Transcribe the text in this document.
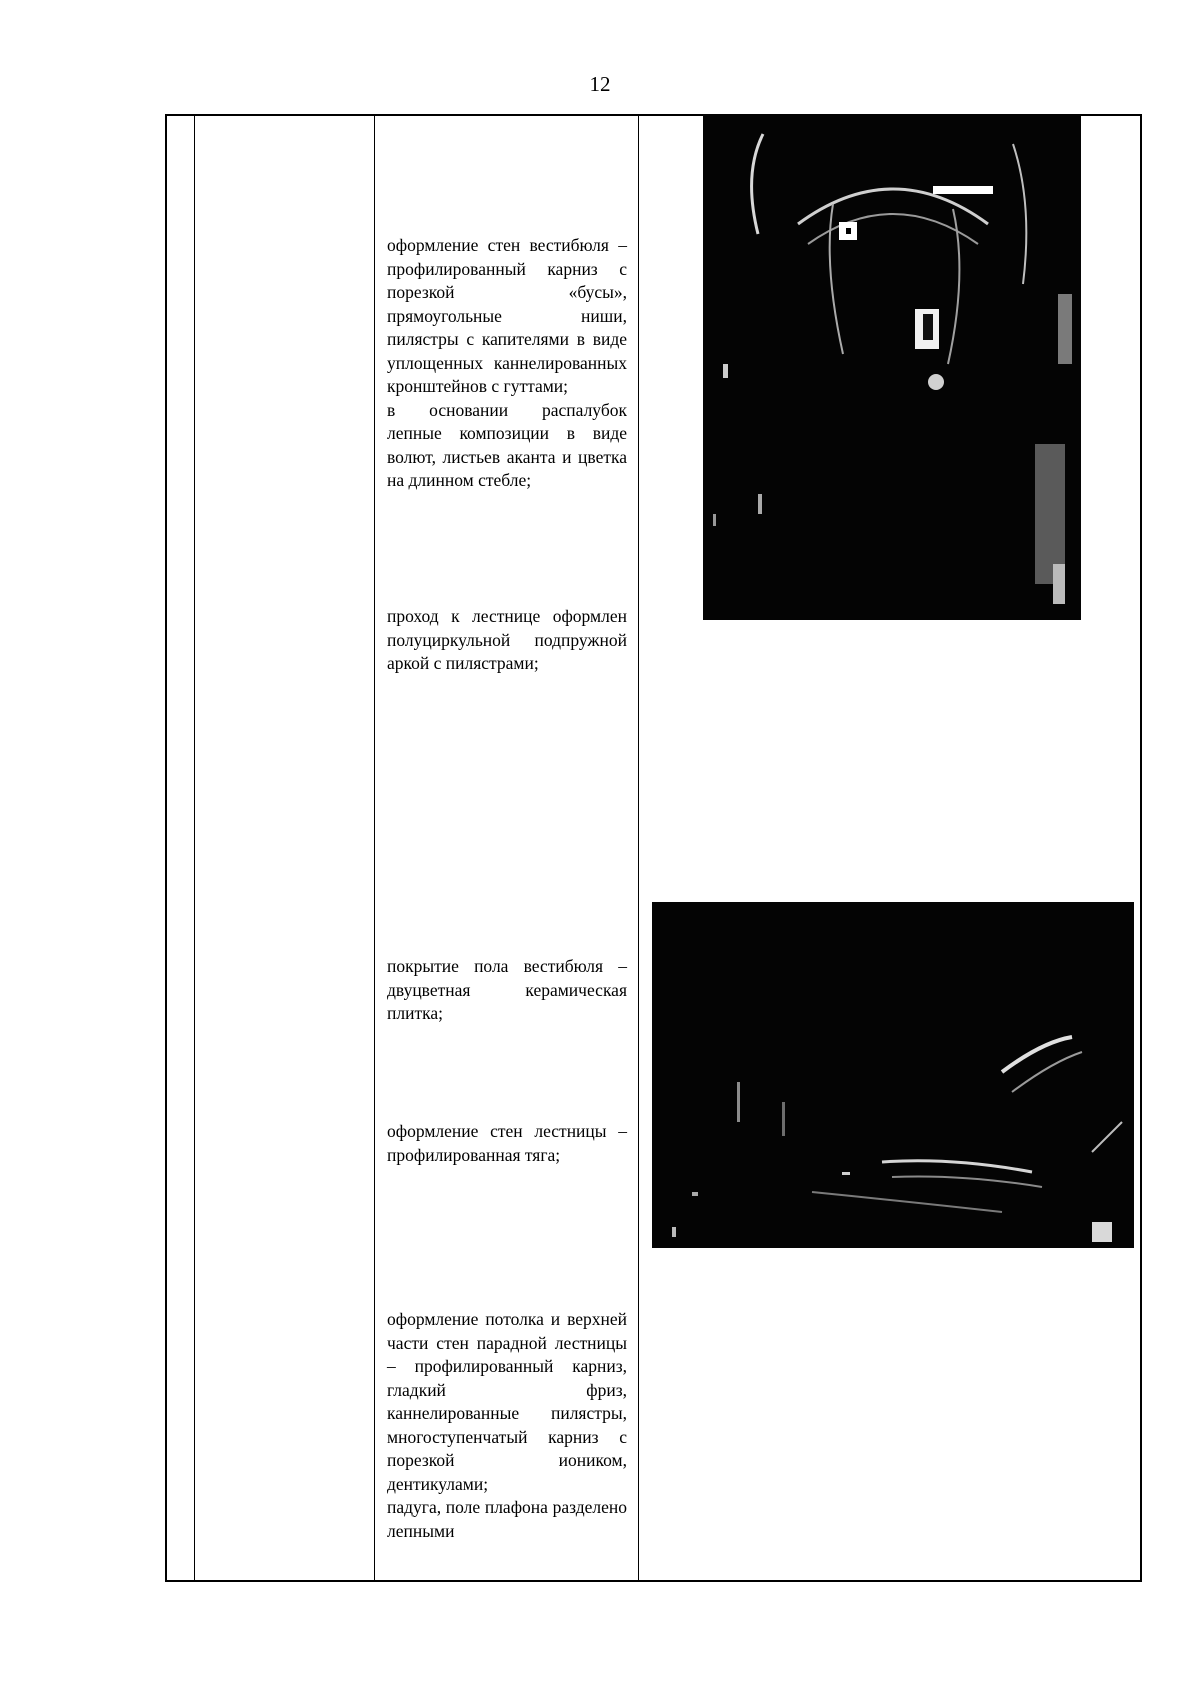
12

оформление стен вестибюля – профилированный карниз с порезкой «бусы», прямоугольные ниши, пилястры с капителями в виде уплощенных каннелированных кронштейнов с гуттами;

в основании распалубок лепные композиции в виде волют, листьев аканта и цветка на длинном стебле;

проход к лестнице оформлен полуциркульной подпружной аркой с пилястрами;

покрытие пола вестибюля – двуцветная керамическая плитка;

оформление стен лестницы – профилированная тяга;

оформление потолка и верхней части стен парадной лестницы – профилированный карниз, гладкий фриз, каннелированные пилястры, многоступенчатый карниз с порезкой иоником, дентикулами;

падуга, поле плафона разделено лепными
